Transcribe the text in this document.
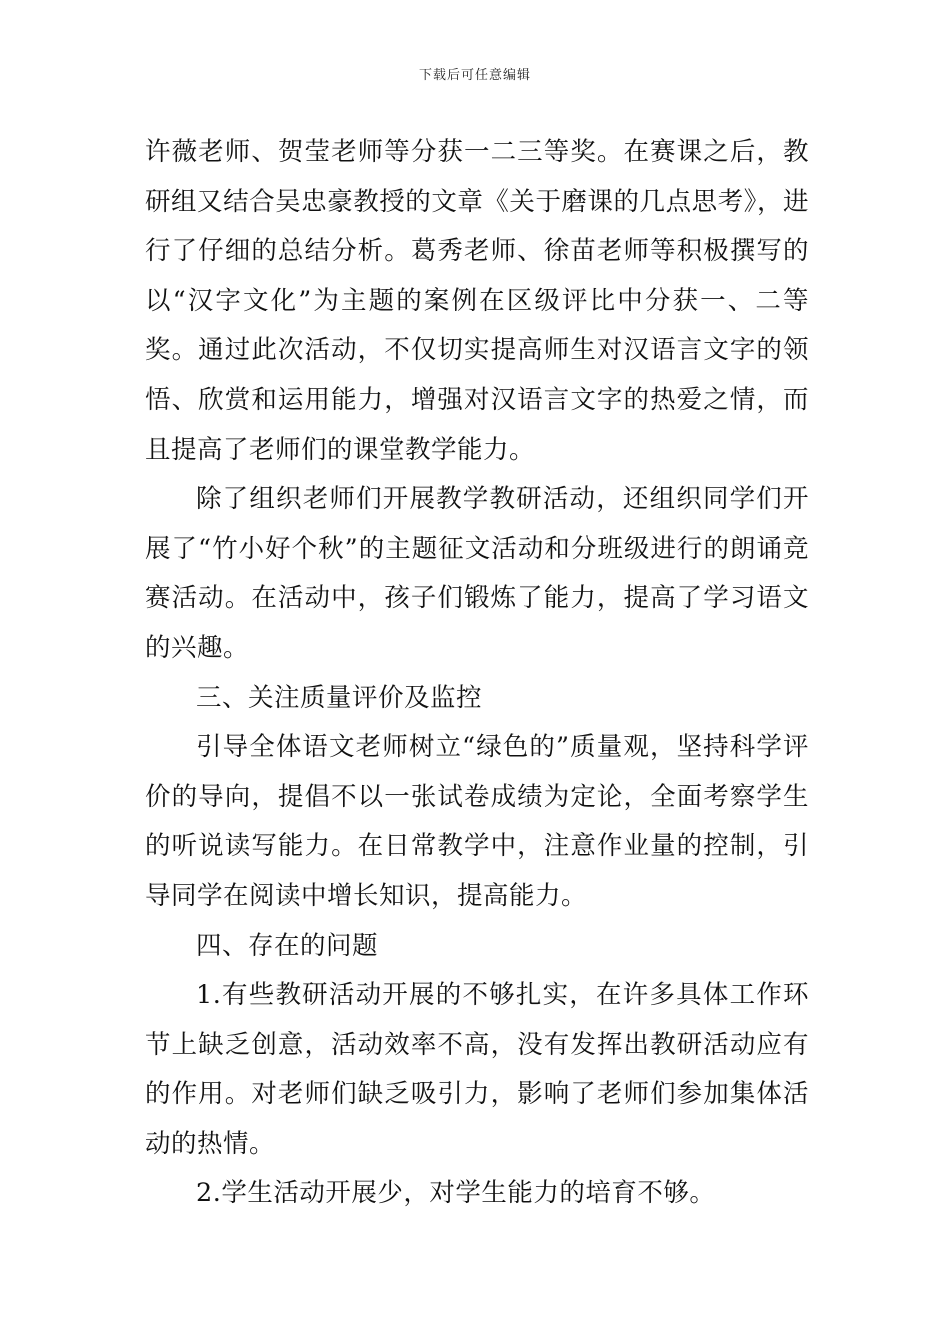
下载后可任意编辑

许薇老师、贺莹老师等分获一二三等奖。在赛课之后，教研组又结合吴忠豪教授的文章《关于磨课的几点思考》，进行了仔细的总结分析。葛秀老师、徐苗老师等积极撰写的以“汉字文化”为主题的案例在区级评比中分获一、二等奖。通过此次活动，不仅切实提高师生对汉语言文字的领悟、欣赏和运用能力，增强对汉语言文字的热爱之情，而且提高了老师们的课堂教学能力。

除了组织老师们开展教学教研活动，还组织同学们开展了“竹小好个秋”的主题征文活动和分班级进行的朗诵竞赛活动。在活动中，孩子们锻炼了能力，提高了学习语文的兴趣。

三、关注质量评价及监控

引导全体语文老师树立“绿色的”质量观，坚持科学评价的导向，提倡不以一张试卷成绩为定论，全面考察学生的听说读写能力。在日常教学中，注意作业量的控制，引导同学在阅读中增长知识，提高能力。

四、存在的问题

1.有些教研活动开展的不够扎实，在许多具体工作环节上缺乏创意，活动效率不高，没有发挥出教研活动应有的作用。对老师们缺乏吸引力，影响了老师们参加集体活动的热情。

2.学生活动开展少，对学生能力的培育不够。
